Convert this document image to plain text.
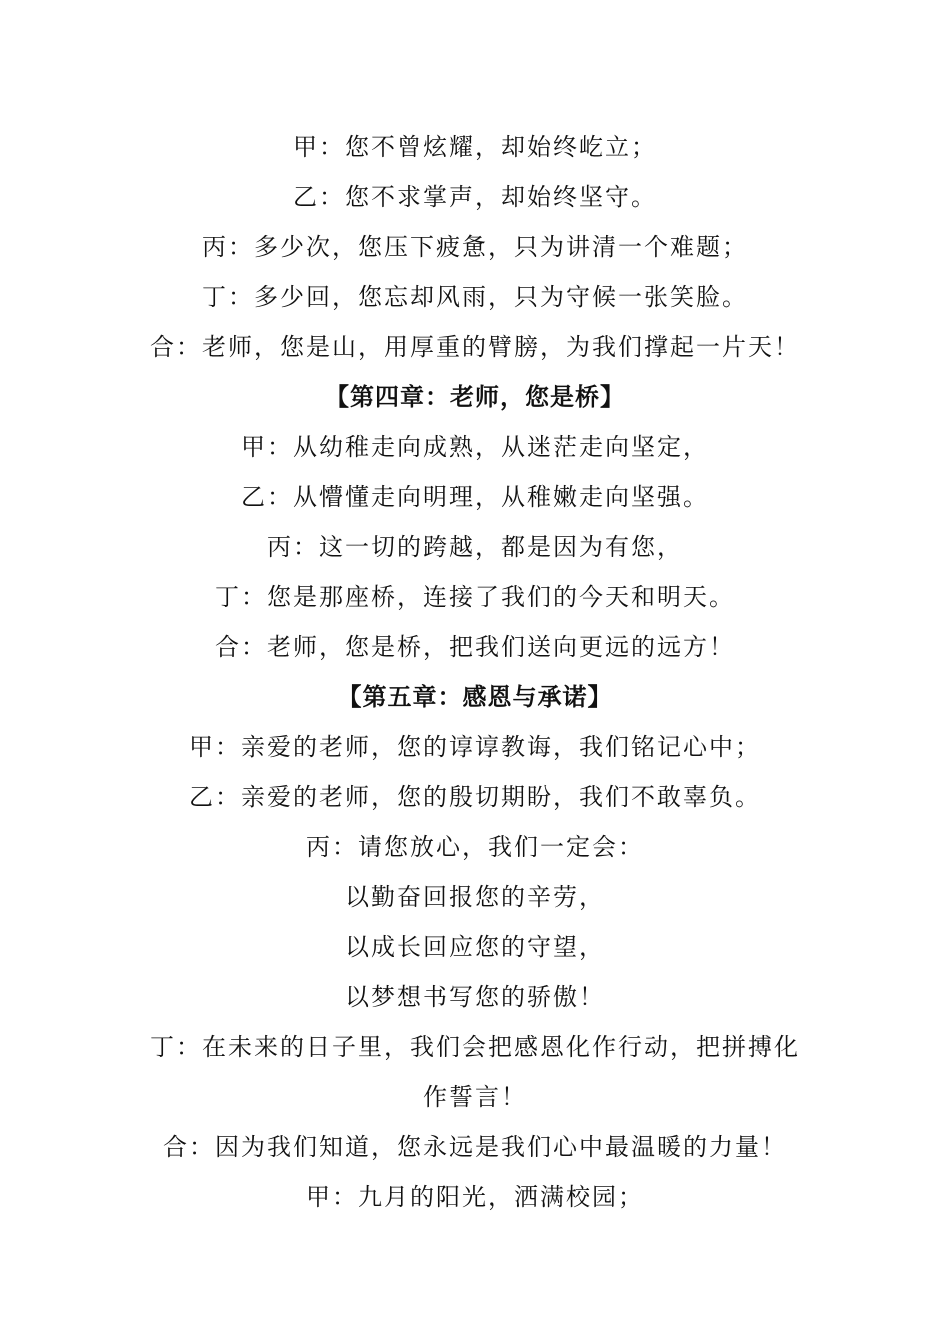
甲：您不曾炫耀，却始终屹立；
乙：您不求掌声，却始终坚守。
丙：多少次，您压下疲惫，只为讲清一个难题；
丁：多少回，您忘却风雨，只为守候一张笑脸。
合：老师，您是山，用厚重的臂膀，为我们撑起一片天！
【第四章：老师，您是桥】
甲：从幼稚走向成熟，从迷茫走向坚定，
乙：从懵懂走向明理，从稚嫩走向坚强。
丙：这一切的跨越，都是因为有您，
丁：您是那座桥，连接了我们的今天和明天。
合：老师，您是桥，把我们送向更远的远方！
【第五章：感恩与承诺】
甲：亲爱的老师，您的谆谆教诲，我们铭记心中；
乙：亲爱的老师，您的殷切期盼，我们不敢辜负。
丙：请您放心，我们一定会：
以勤奋回报您的辛劳，
以成长回应您的守望，
以梦想书写您的骄傲！
丁：在未来的日子里，我们会把感恩化作行动，把拼搏化
作誓言！
合：因为我们知道，您永远是我们心中最温暖的力量！
甲：九月的阳光，洒满校园；
